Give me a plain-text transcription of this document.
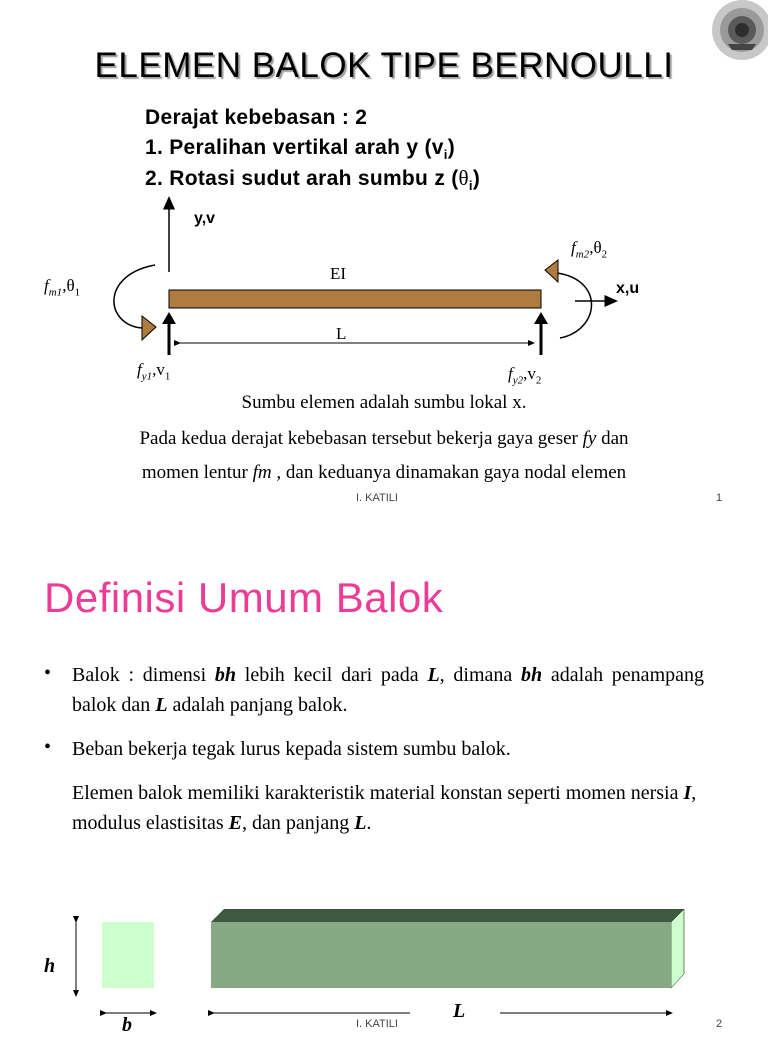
ELEMEN BALOK TIPE BERNOULLI
Derajat kebebasan : 2
1. Peralihan vertikal arah y $(v_i)$
2. Rotasi sudut arah sumbu z $(\theta_i)$
y,v
x,u
EI
L
$f_{m1},\theta_1$
$f_{m2},\theta_2$
$f_{y1},v_1$	$f_{y2},v_2$
Sumbu elemen adalah sumbu lokal x.
Pada kedua derajat kebebasan tersebut bekerja gaya geser fy dan
momen lentur fm , dan keduanya dinamakan gaya nodal elemen
I. KATILI	1
Definisi Umum Balok
• Balok : dimensi bh lebih kecil dari pada L, dimana bh adalah penampang balok dan L adalah panjang balok.
• Beban bekerja tegak lurus kepada sistem sumbu balok.
Elemen balok memiliki karakteristik material konstan seperti momen nersia I, modulus elastisitas E, dan panjang L.
h
b
L
I. KATILI	2
